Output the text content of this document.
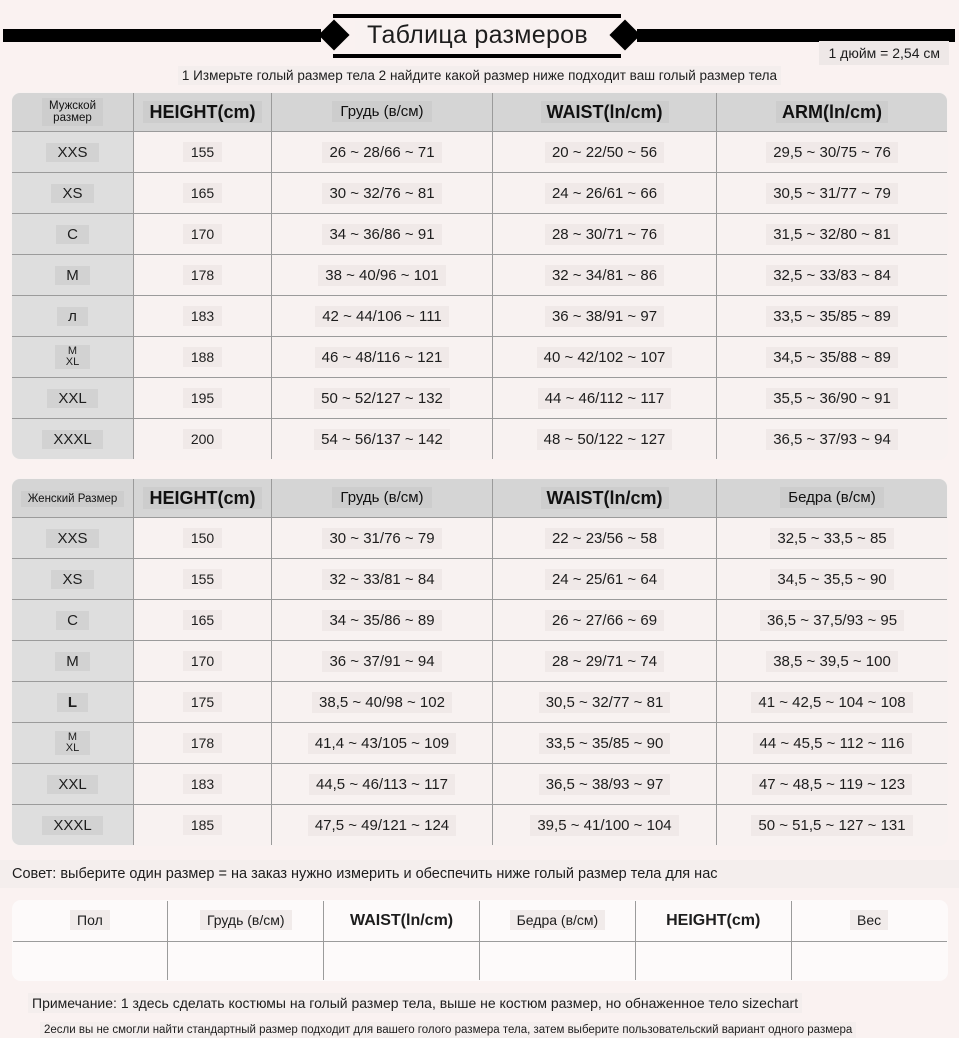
Таблица размеров
1 дюйм = 2,54 см
1 Измерьте голый размер тела 2 найдите какой размер ниже подходит ваш голый размер тела
Мужской
размер	HEIGHT(cm)	Грудь (в/см)	WAIST(ln/cm)	ARM(ln/cm)
XXS	155	26 ~ 28/66 ~ 71	20 ~ 22/50 ~ 56	29,5 ~ 30/75 ~ 76
XS	165	30 ~ 32/76 ~ 81	24 ~ 26/61 ~ 66	30,5 ~ 31/77 ~ 79
C	170	34 ~ 36/86 ~ 91	28 ~ 30/71 ~ 76	31,5 ~ 32/80 ~ 81
M	178	38 ~ 40/96 ~ 101	32 ~ 34/81 ~ 86	32,5 ~ 33/83 ~ 84
л	183	42 ~ 44/106 ~ 111	36 ~ 38/91 ~ 97	33,5 ~ 35/85 ~ 89
M
XL	188	46 ~ 48/116 ~ 121	40 ~ 42/102 ~ 107	34,5 ~ 35/88 ~ 89
XXL	195	50 ~ 52/127 ~ 132	44 ~ 46/112 ~ 117	35,5 ~ 36/90 ~ 91
XXXL	200	54 ~ 56/137 ~ 142	48 ~ 50/122 ~ 127	36,5 ~ 37/93 ~ 94
Женский Размер	HEIGHT(cm)	Грудь (в/см)	WAIST(ln/cm)	Бедра (в/см)
XXS	150	30 ~ 31/76 ~ 79	22 ~ 23/56 ~ 58	32,5 ~ 33,5 ~ 85
XS	155	32 ~ 33/81 ~ 84	24 ~ 25/61 ~ 64	34,5 ~ 35,5 ~ 90
C	165	34 ~ 35/86 ~ 89	26 ~ 27/66 ~ 69	36,5 ~ 37,5/93 ~ 95
M	170	36 ~ 37/91 ~ 94	28 ~ 29/71 ~ 74	38,5 ~ 39,5 ~ 100
L	175	38,5 ~ 40/98 ~ 102	30,5 ~ 32/77 ~ 81	41 ~ 42,5 ~ 104 ~ 108
M
XL	178	41,4 ~ 43/105 ~ 109	33,5 ~ 35/85 ~ 90	44 ~ 45,5 ~ 112 ~ 116
XXL	183	44,5 ~ 46/113 ~ 117	36,5 ~ 38/93 ~ 97	47 ~ 48,5 ~ 119 ~ 123
XXXL	185	47,5 ~ 49/121 ~ 124	39,5 ~ 41/100 ~ 104	50 ~ 51,5 ~ 127 ~ 131
Совет: выберите один размер = на заказ нужно измерить и обеспечить ниже голый размер тела для нас
Пол	Грудь (в/см)	WAIST(ln/cm)	Бедра (в/см)	HEIGHT(cm)	Вес

Примечание: 1 здесь сделать костюмы на голый размер тела, выше не костюм размер, но обнаженное тело sizechart
2если вы не смогли найти стандартный размер подходит для вашего голого размера тела, затем выберите пользовательский вариант одного размера
